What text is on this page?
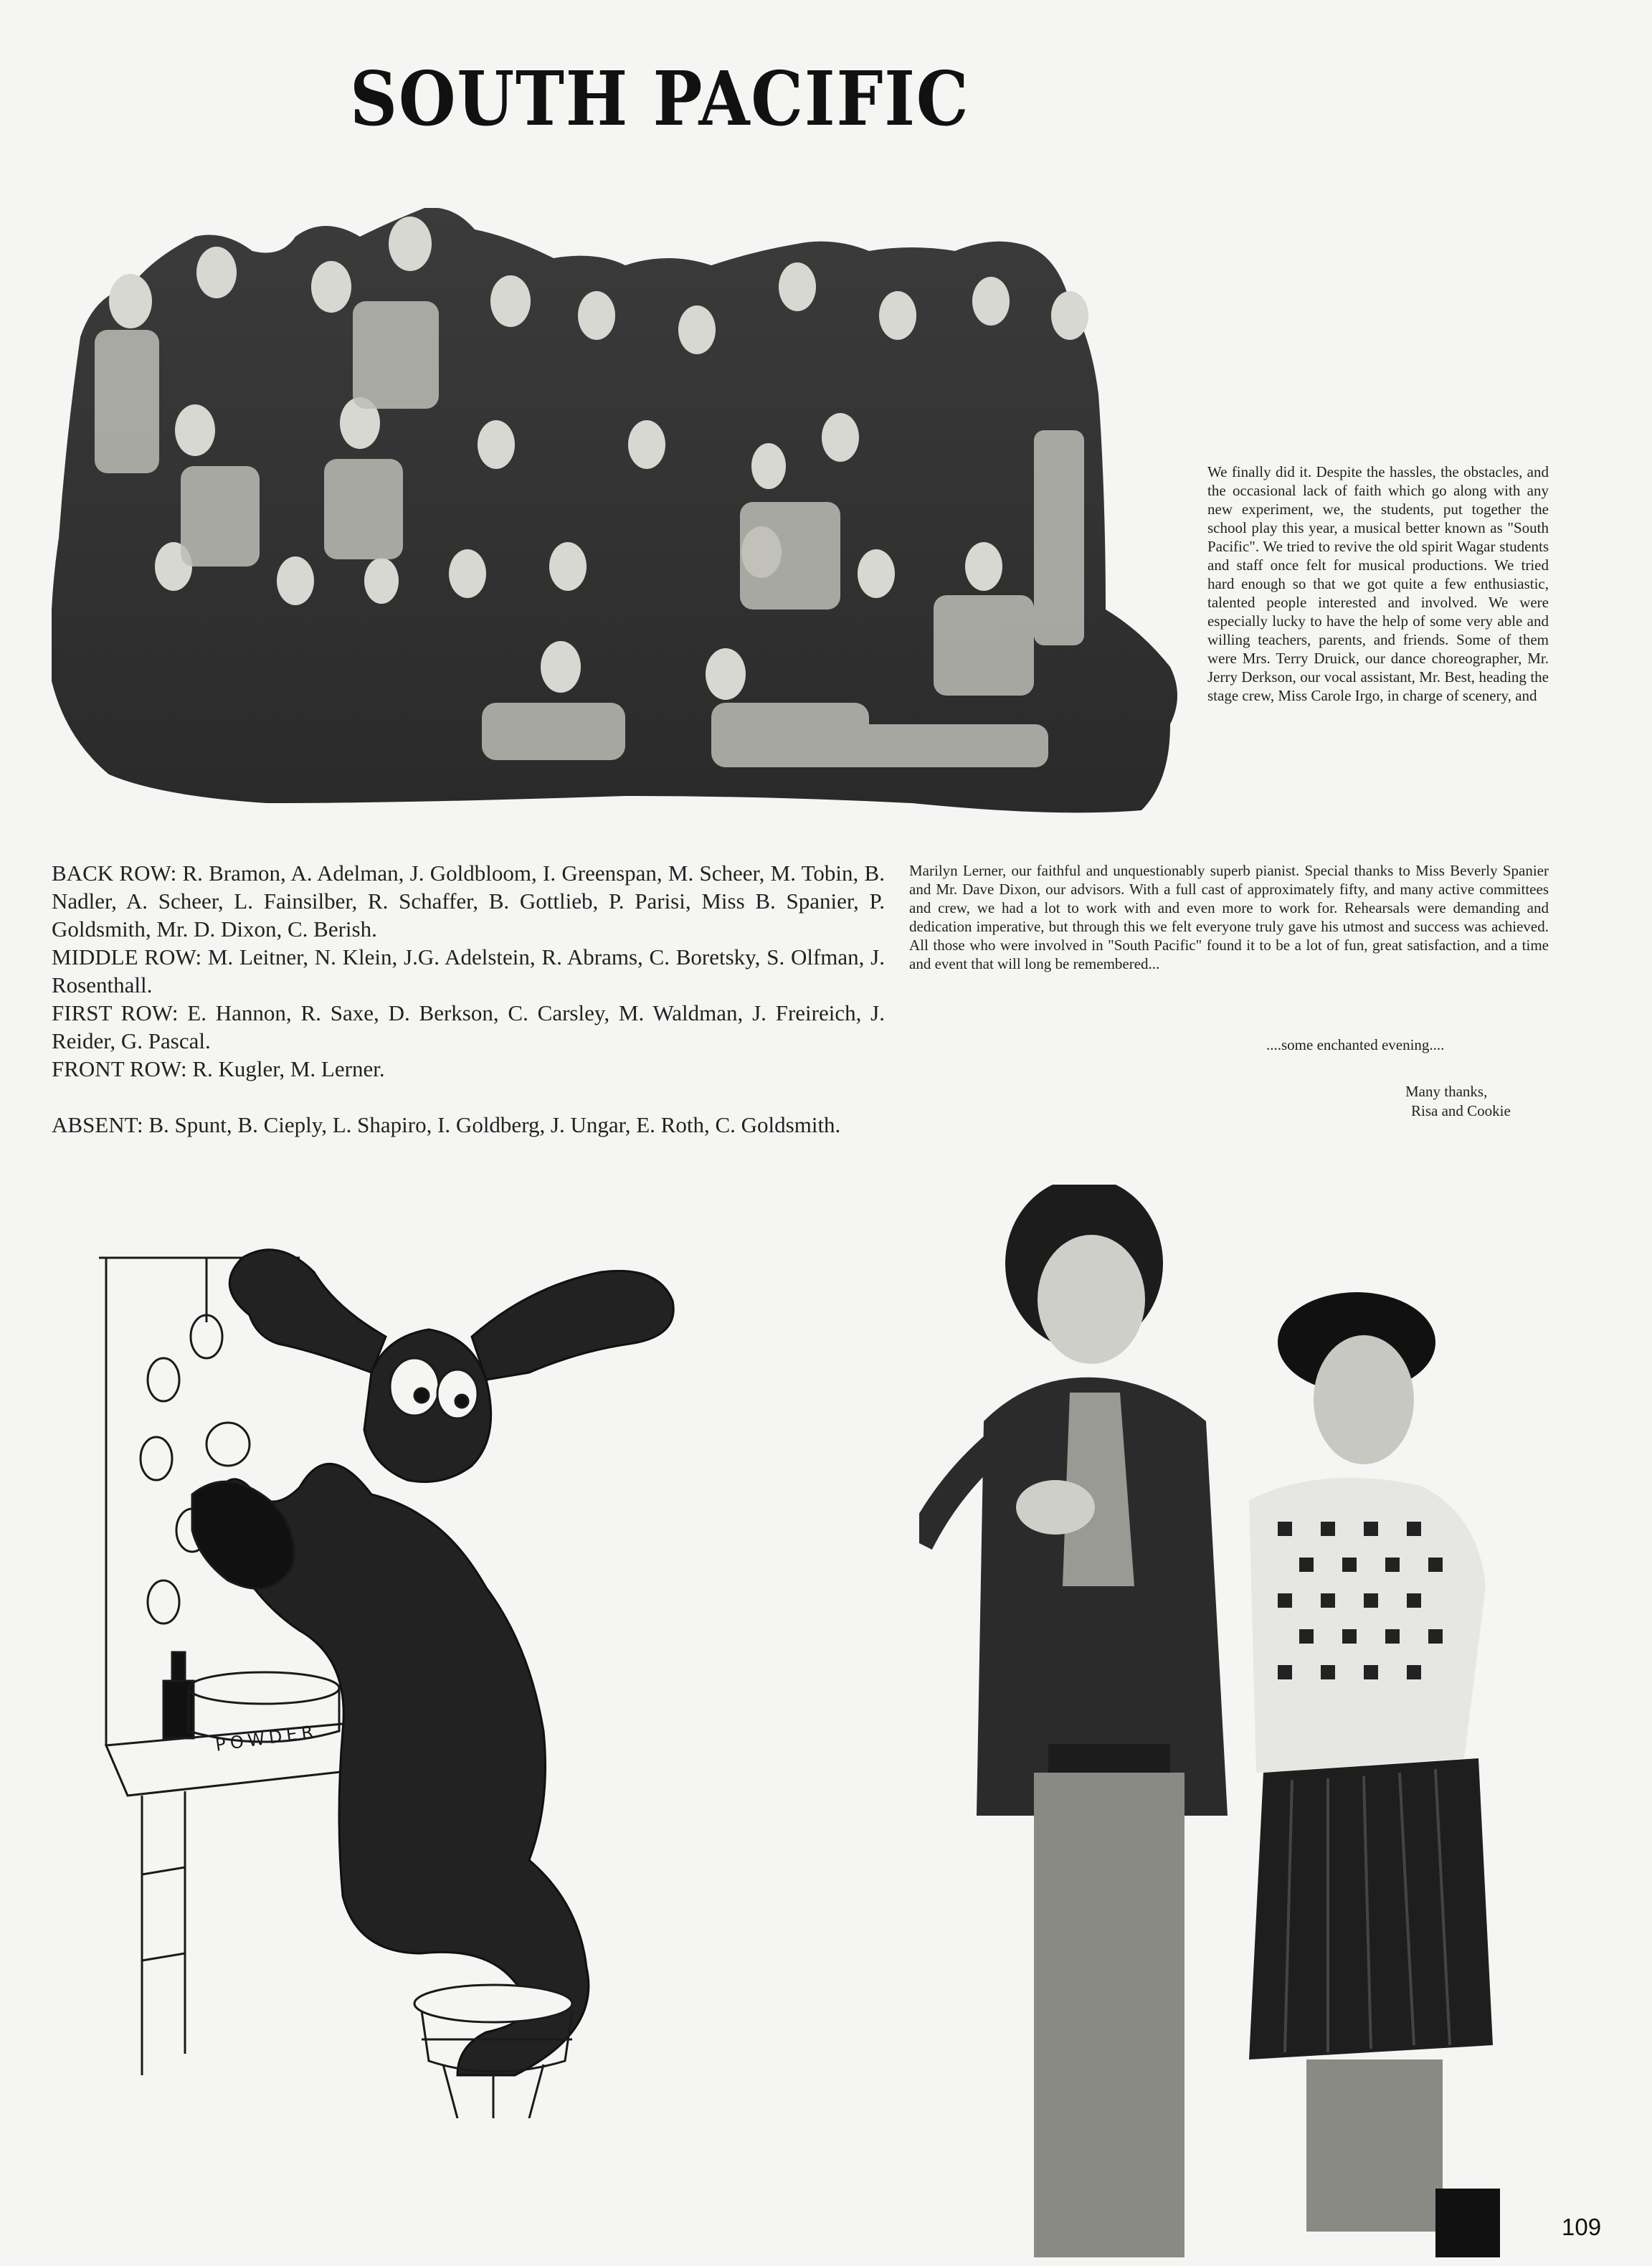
SOUTH PACIFIC
We finally did it. Despite the hassles, the obstacles, and the occasional lack of faith which go along with any new experiment, we, the students, put together the school play this year, a musical better known as "South Pacific". We tried to revive the old spirit Wagar students and staff once felt for musical productions. We tried hard enough so that we got quite a few enthusiastic, talented people interested and involved. We were especially lucky to have the help of some very able and willing teachers, parents, and friends. Some of them were Mrs. Terry Druick, our dance choreographer, Mr. Jerry Derkson, our vocal assistant, Mr. Best, heading the stage crew, Miss Carole Irgo, in charge of scenery, and
Marilyn Lerner, our faithful and unquestionably superb pianist. Special thanks to Miss Beverly Spanier and Mr. Dave Dixon, our advisors. With a full cast of approximately fifty, and many active committees and crew, we had a lot to work with and even more to work for. Rehearsals were demanding and dedication imperative, but through this we felt everyone truly gave his utmost and success was achieved. All those who were involved in "South Pacific" found it to be a lot of fun, great satisfaction, and a time and event that will long be remembered...
....some enchanted evening....
Many thanks,
Risa and Cookie

BACK ROW: R. Bramon, A. Adelman, J. Goldbloom, I. Greenspan, M. Scheer, M. Tobin, B. Nadler, A. Scheer, L. Fainsilber, R. Schaffer, B. Gottlieb, P. Parisi, Miss B. Spanier, P. Goldsmith, Mr. D. Dixon, C. Berish.

MIDDLE ROW: M. Leitner, N. Klein, J.G. Adelstein, R. Abrams, C. Boretsky, S. Olfman, J. Rosenthall.

FIRST ROW: E. Hannon, R. Saxe, D. Berkson, C. Carsley, M. Waldman, J. Freireich, J. Reider, G. Pascal.

FRONT ROW: R. Kugler, M. Lerner.

ABSENT: B. Spunt, B. Cieply, L. Shapiro, I. Goldberg, J. Ungar, E. Roth, C. Goldsmith.

POWDER
109
